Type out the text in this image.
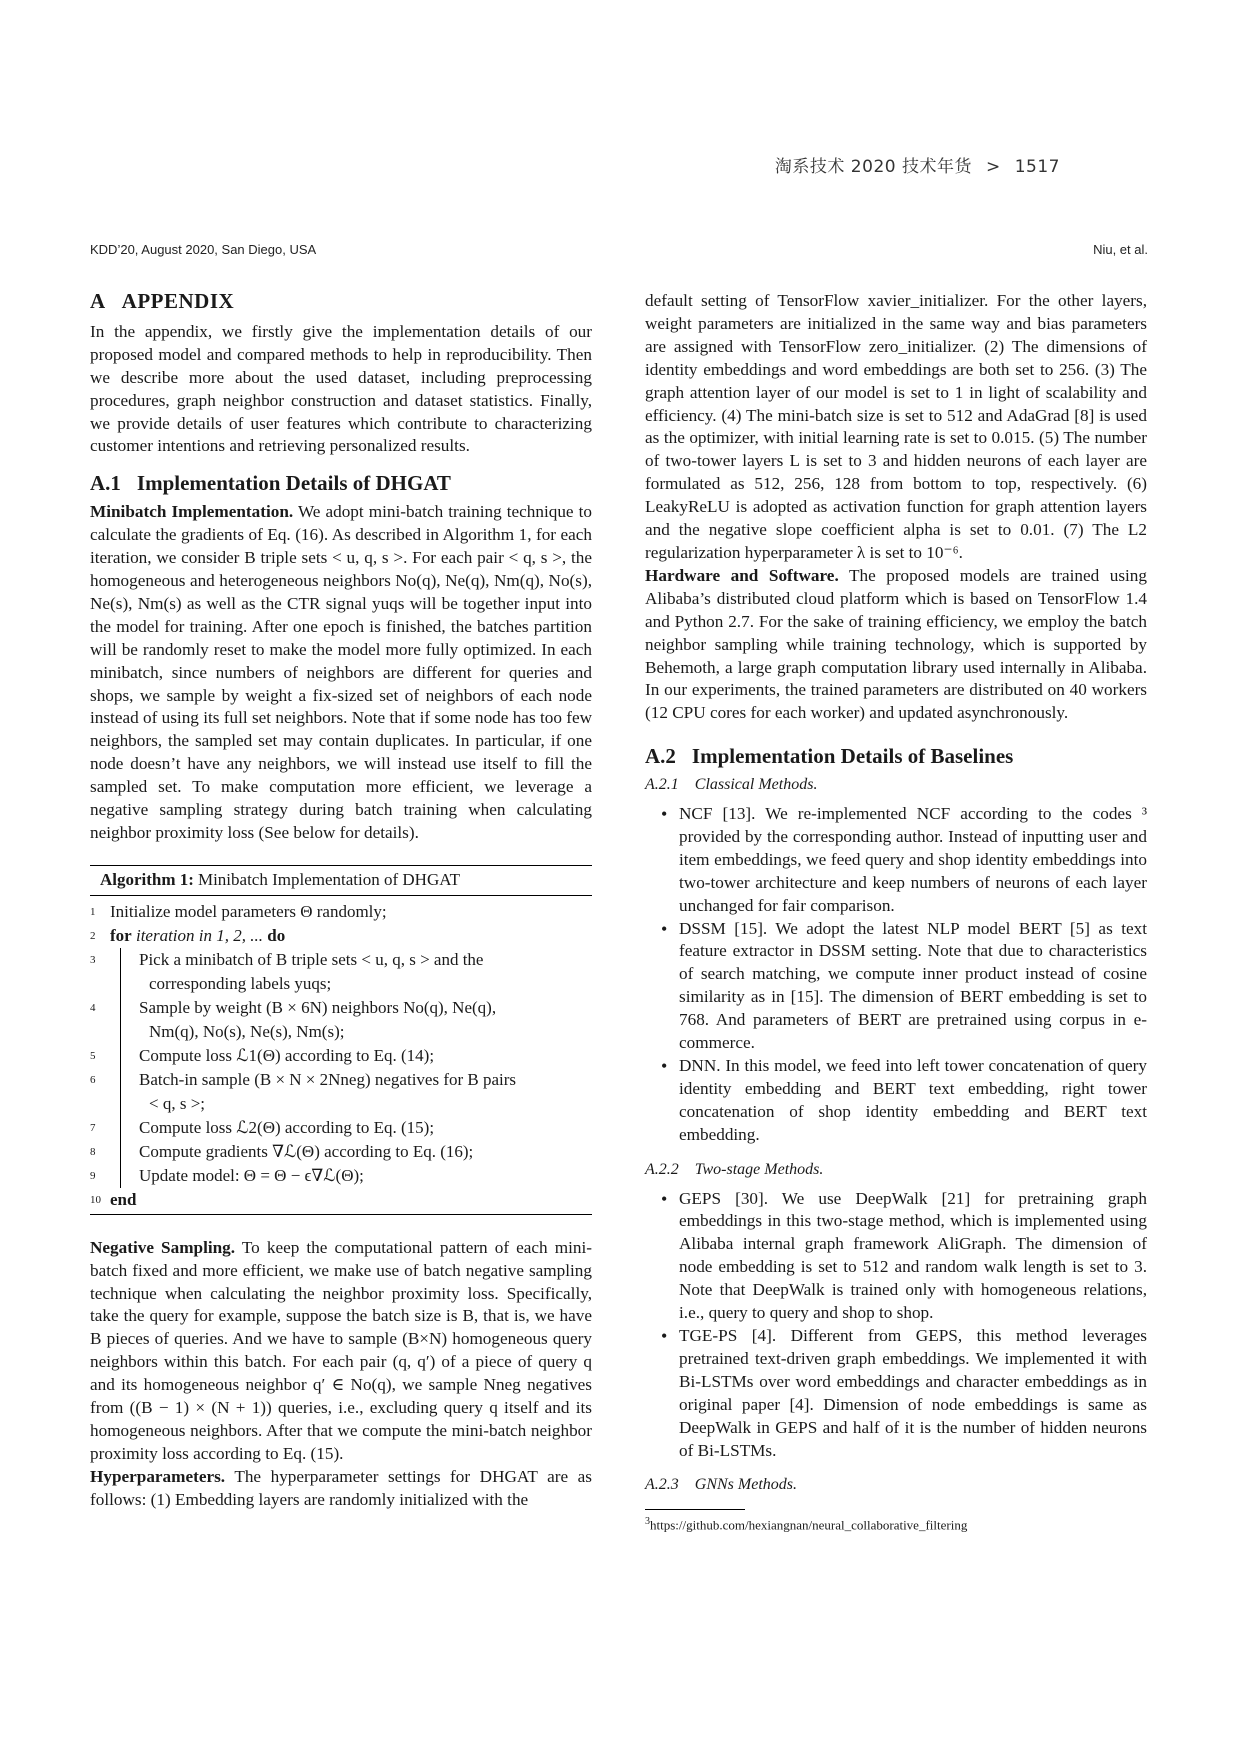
淘系技术 2020 技术年货 > 1517
KDD’20, August 2020, San Diego, USA	Niu, et al.
A APPENDIX

In the appendix, we firstly give the implementation details of our proposed model and compared methods to help in reproducibility. Then we describe more about the used dataset, including preprocessing procedures, graph neighbor construction and dataset statistics. Finally, we provide details of user features which contribute to characterizing customer intentions and retrieving personalized results.

A.1 Implementation Details of DHGAT

Minibatch Implementation. We adopt mini-batch training technique to calculate the gradients of Eq. (16). As described in Algorithm 1, for each iteration, we consider B triple sets < u, q, s >. For each pair < q, s >, the homogeneous and heterogeneous neighbors No(q), Ne(q), Nm(q), No(s), Ne(s), Nm(s) as well as the CTR signal yuqs will be together input into the model for training. After one epoch is finished, the batches partition will be randomly reset to make the model more fully optimized. In each minibatch, since numbers of neighbors are different for queries and shops, we sample by weight a fix-sized set of neighbors of each node instead of using its full set neighbors. Note that if some node has too few neighbors, the sampled set may contain duplicates. In particular, if one node doesn’t have any neighbors, we will instead use itself to fill the sampled set. To make computation more efficient, we leverage a negative sampling strategy during batch training when calculating neighbor proximity loss (See below for details).

Algorithm 1: Minibatch Implementation of DHGAT
1 Initialize model parameters Θ randomly;
2 for iteration in 1, 2, ... do
3	Pick a minibatch of B triple sets < u, q, s > and the
corresponding labels yuqs;
4	Sample by weight (B × 6N) neighbors No(q), Ne(q),
Nm(q), No(s), Ne(s), Nm(s);
5	Compute loss ℒ1(Θ) according to Eq. (14);
6	Batch-in sample (B × N × 2Nneg) negatives for B pairs
< q, s >;
7	Compute loss ℒ2(Θ) according to Eq. (15);
8	Compute gradients ∇ℒ(Θ) according to Eq. (16);
9	Update model: Θ = Θ − ϵ∇ℒ(Θ);
10 end

Negative Sampling. To keep the computational pattern of each mini-batch fixed and more efficient, we make use of batch negative sampling technique when calculating the neighbor proximity loss. Specifically, take the query for example, suppose the batch size is B, that is, we have B pieces of queries. And we have to sample (B×N) homogeneous query neighbors within this batch. For each pair (q, q′) of a piece of query q and its homogeneous neighbor q′ ∈ No(q), we sample Nneg negatives from ((B − 1) × (N + 1)) queries, i.e., excluding query q itself and its homogeneous neighbors. After that we compute the mini-batch neighbor proximity loss according to Eq. (15).

Hyperparameters. The hyperparameter settings for DHGAT are as follows: (1) Embedding layers are randomly initialized with the

default setting of TensorFlow xavier_initializer. For the other layers, weight parameters are initialized in the same way and bias parameters are assigned with TensorFlow zero_initializer. (2) The dimensions of identity embeddings and word embeddings are both set to 256. (3) The graph attention layer of our model is set to 1 in light of scalability and efficiency. (4) The mini-batch size is set to 512 and AdaGrad [8] is used as the optimizer, with initial learning rate is set to 0.015. (5) The number of two-tower layers L is set to 3 and hidden neurons of each layer are formulated as 512, 256, 128 from bottom to top, respectively. (6) LeakyReLU is adopted as activation function for graph attention layers and the negative slope coefficient alpha is set to 0.01. (7) The L2 regularization hyperparameter λ is set to 10⁻⁶.

Hardware and Software. The proposed models are trained using Alibaba’s distributed cloud platform which is based on TensorFlow 1.4 and Python 2.7. For the sake of training efficiency, we employ the batch neighbor sampling while training technology, which is supported by Behemoth, a large graph computation library used internally in Alibaba. In our experiments, the trained parameters are distributed on 40 workers (12 CPU cores for each worker) and updated asynchronously.

A.2 Implementation Details of Baselines
A.2.1 Classical Methods.
• NCF [13]. We re-implemented NCF according to the codes ³ provided by the corresponding author. Instead of inputting user and item embeddings, we feed query and shop identity embeddings into two-tower architecture and keep numbers of neurons of each layer unchanged for fair comparison.
• DSSM [15]. We adopt the latest NLP model BERT [5] as text feature extractor in DSSM setting. Note that due to characteristics of search matching, we compute inner product instead of cosine similarity as in [15]. The dimension of BERT embedding is set to 768. And parameters of BERT are pretrained using corpus in e-commerce.
• DNN. In this model, we feed into left tower concatenation of query identity embedding and BERT text embedding, right tower concatenation of shop identity embedding and BERT text embedding.
A.2.2 Two-stage Methods.
• GEPS [30]. We use DeepWalk [21] for pretraining graph embeddings in this two-stage method, which is implemented using Alibaba internal graph framework AliGraph. The dimension of node embedding is set to 512 and random walk length is set to 3. Note that DeepWalk is trained only with homogeneous relations, i.e., query to query and shop to shop.
• TGE-PS [4]. Different from GEPS, this method leverages pretrained text-driven graph embeddings. We implemented it with Bi-LSTMs over word embeddings and character embeddings as in original paper [4]. Dimension of node embeddings is same as DeepWalk in GEPS and half of it is the number of hidden neurons of Bi-LSTMs.
A.2.3 GNNs Methods.
$^3$https://github.com/hexiangnan/neural_collaborative_filtering
